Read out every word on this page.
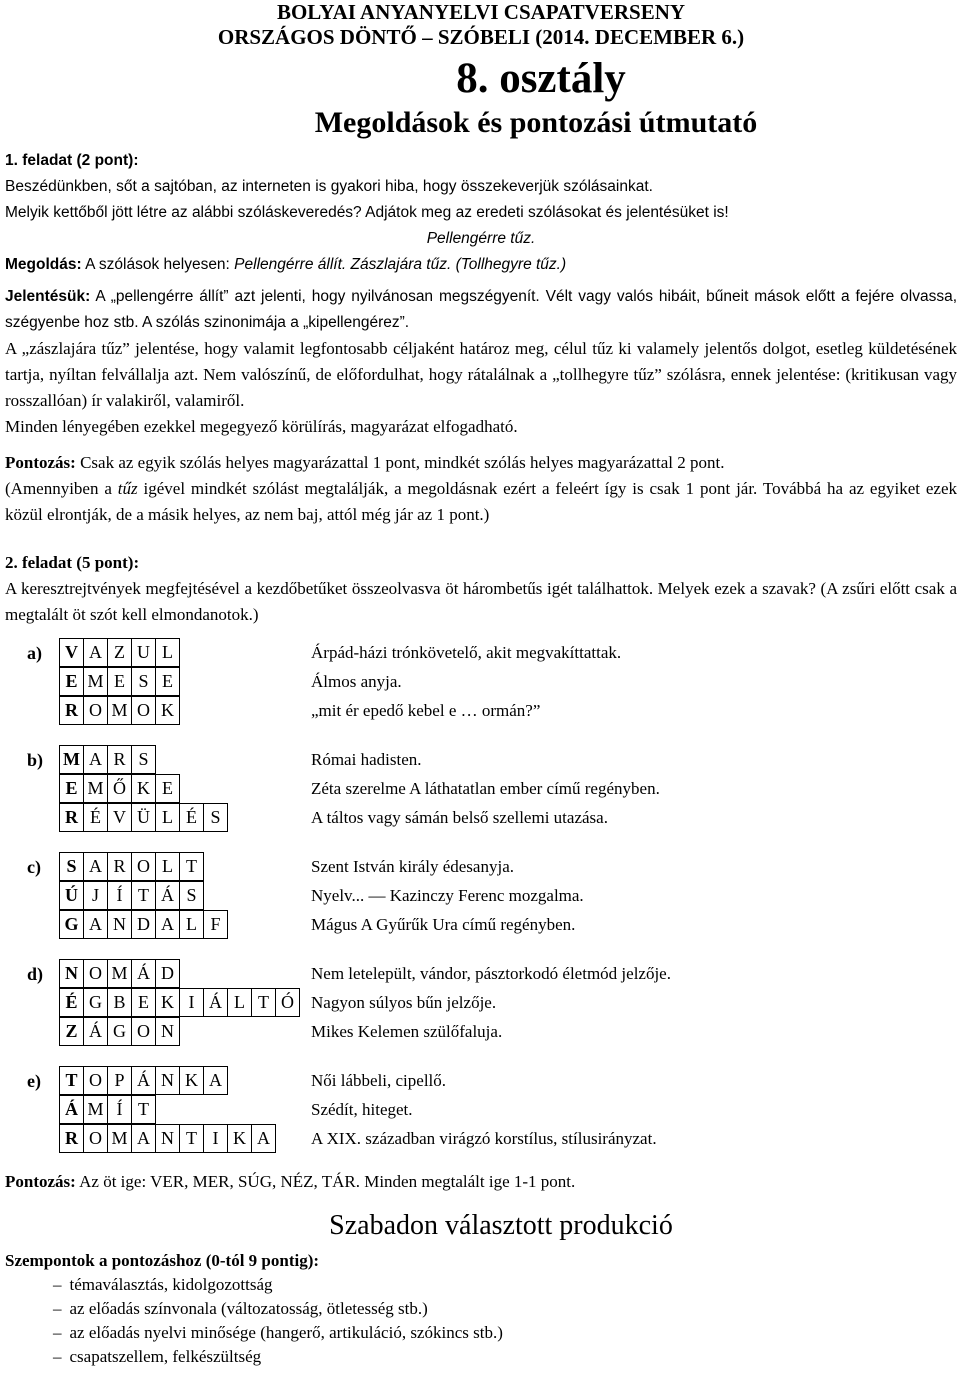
BOLYAI ANYANYELVI CSAPATVERSENY
ORSZÁGOS DÖNTŐ – SZÓBELI (2014. DECEMBER 6.)
8. osztály
Megoldások és pontozási útmutató

1. feladat (2 pont):

Beszédünkben, sőt a sajtóban, az interneten is gyakori hiba, hogy összekeverjük szólásainkat.

Melyik kettőből jött létre az alábbi szóláskeveredés? Adjátok meg az eredeti szólásokat és jelentésüket is!

Pellengérre tűz.

Megoldás: A szólások helyesen: Pellengérre állít. Zászlajára tűz. (Tollhegyre tűz.)

Jelentésük: A „pellengérre állít” azt jelenti, hogy nyilvánosan megszégyenít. Vélt vagy valós hibáit, bűneit mások előtt a fejére olvassa, szégyenbe hoz stb. A szólás szinonimája a „kipellengérez”.

A „zászlajára tűz” jelentése, hogy valamit legfontosabb céljaként határoz meg, célul tűz ki valamely jelentős dolgot, esetleg küldetésének tartja, nyíltan felvállalja azt. Nem valószínű, de előfordulhat, hogy rátalálnak a „tollhegyre tűz” szólásra, ennek jelentése: (kritikusan vagy rosszallóan) ír valakiről, valamiről.

Minden lényegében ezekkel megegyező körülírás, magyarázat elfogadható.

Pontozás: Csak az egyik szólás helyes magyarázattal 1 pont, mindkét szólás helyes magyarázattal 2 pont.

(Amennyiben a tűz igével mindkét szólást megtalálják, a megoldásnak ezért a feleért így is csak 1 pont jár. Továbbá ha az egyiket ezek közül elrontják, de a másik helyes, az nem baj, attól még jár az 1 pont.)

2. feladat (5 pont):

A keresztrejtvények megfejtésével a kezdőbetűket összeolvasva öt hárombetűs igét találhattok. Melyek ezek a szavak? (A zsűri előtt csak a megtalált öt szót kell elmondanotok.)

a)	V A Z U L	Árpád-házi trónkövetelő, akit megvakíttattak.
E M E S E	Álmos anyja.
R O M O K	„mit ér epedő kebel e … ormán?”
b)	M A R S	Római hadisten.
E M Ő K E	Zéta szerelme A láthatatlan ember című regényben.
R É V Ü L É S	A táltos vagy sámán belső szellemi utazása.
c)	S A R O L T	Szent István király édesanyja.
Ú J Í T Á S	Nyelv... — Kazinczy Ferenc mozgalma.
G A N D A L F	Mágus A Gyűrűk Ura című regényben.
d)	N O M Á D	Nem letelepült, vándor, pásztorkodó életmód jelzője.
É G B E K I Á L T Ó	Nagyon súlyos bűn jelzője.
Z Á G O N	Mikes Kelemen szülőfaluja.
e)	T O P Á N K A	Női lábbeli, cipellő.
Á M Í T	Szédít, hiteget.
R O M A N T I K A	A XIX. században virágzó korstílus, stílusirányzat.

Pontozás: Az öt ige: VER, MER, SÚG, NÉZ, TÁR. Minden megtalált ige 1-1 pont.

Szabadon választott produkció

Szempontok a pontozáshoz (0-tól 9 pontig):

– témaválasztás, kidolgozottság
– az előadás színvonala (változatosság, ötletesség stb.)
– az előadás nyelvi minősége (hangerő, artikuláció, szókincs stb.)
– csapatszellem, felkészültség
